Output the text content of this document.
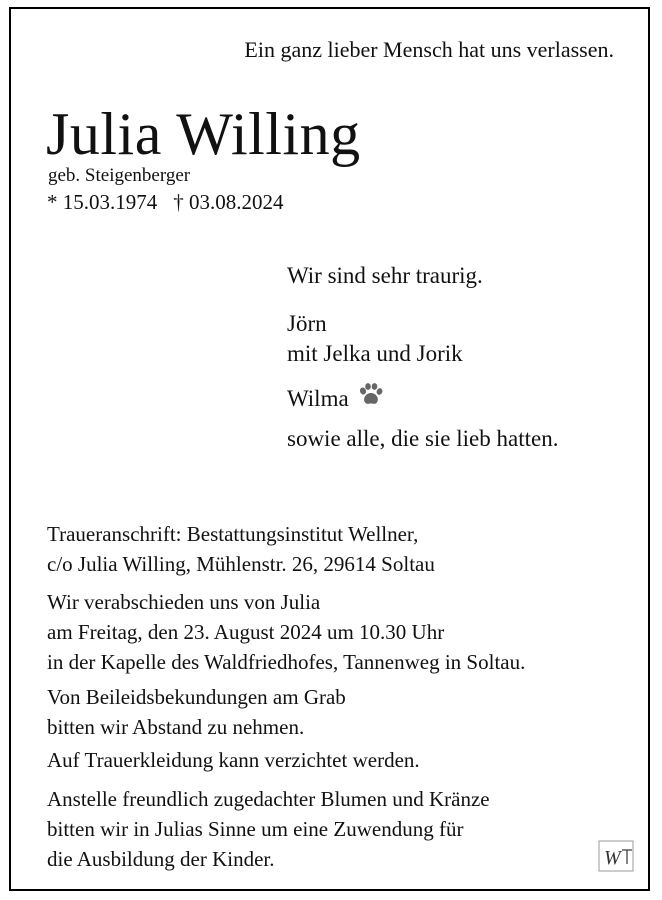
Ein ganz lieber Mensch hat uns verlassen.
Julia Willing
geb. Steigenberger
* 15.03.1974 † 03.08.2024
Wir sind sehr traurig.
Jörn
mit Jelka und Jorik
Wilma
sowie alle, die sie lieb hatten.
Traueranschrift: Bestattungsinstitut Wellner,
c/o Julia Willing, Mühlenstr. 26, 29614 Soltau
Wir verabschieden uns von Julia
am Freitag, den 23. August 2024 um 10.30 Uhr
in der Kapelle des Waldfriedhofes, Tannenweg in Soltau.
Von Beileidsbekundungen am Grab
bitten wir Abstand zu nehmen.
Auf Trauerkleidung kann verzichtet werden.
Anstelle freundlich zugedachter Blumen und Kränze
bitten wir in Julias Sinne um eine Zuwendung für
die Ausbildung der Kinder.	W
